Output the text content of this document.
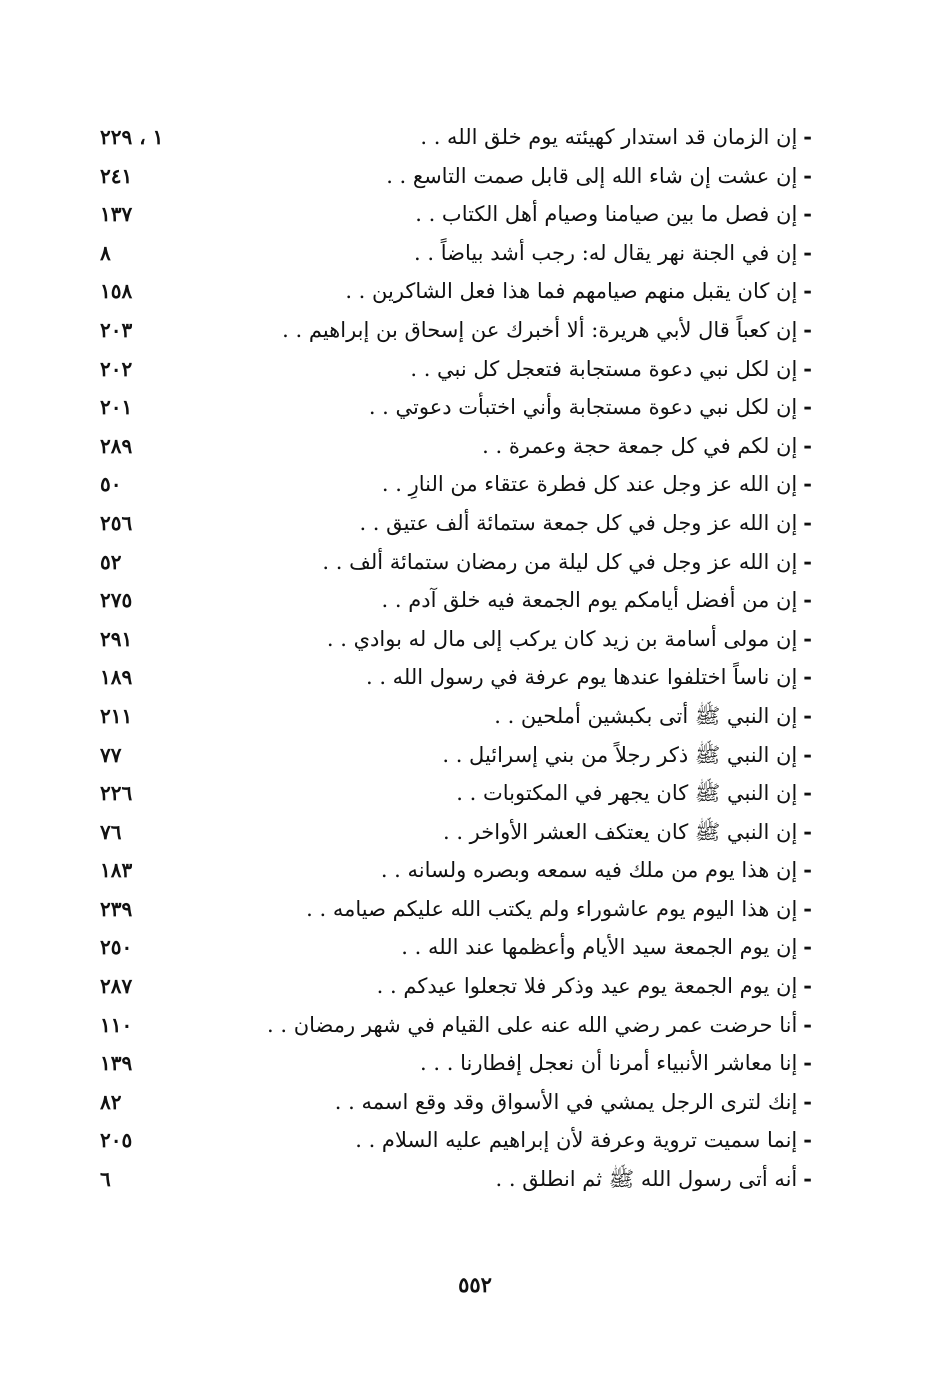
-إن الزمان قد استدار كهيئته يوم خلق الله . .
١ ، ٢٢٩
-إن عشت إن شاء الله إلى قابل صمت التاسع . .
٢٤١
-إن فصل ما بين صيامنا وصيام أهل الكتاب . .
١٣٧
-إن في الجنة نهر يقال له: رجب أشد بياضاً . .
٨
-إن كان يقبل منهم صيامهم فما هذا فعل الشاكرين . .
١٥٨
-إن كعباً قال لأبي هريرة: ألا أخبرك عن إسحاق بن إبراهيم . .
٢٠٣
-إن لكل نبي دعوة مستجابة فتعجل كل نبي . .
٢٠٢
-إن لكل نبي دعوة مستجابة وأني اختبأت دعوتي . .
٢٠١
-إن لكم في كل جمعة حجة وعمرة . .
٢٨٩
-إن الله عز وجل عند كل فطرة عتقاء من النارِ . .
٥٠
-إن الله عز وجل في كل جمعة ستمائة ألف عتيق . .
٢٥٦
-إن الله عز وجل في كل ليلة من رمضان ستمائة ألف . .
٥٢
-إن من أفضل أيامكم يوم الجمعة فيه خلق آدم . .
٢٧٥
-إن مولى أسامة بن زيد كان يركب إلى مال له بوادي . .
٢٩١
-إن ناساً اختلفوا عندها يوم عرفة في رسول الله . .
١٨٩
-إن النبي ﷺ أتى بكبشين أملحين . .
٢١١
-إن النبي ﷺ ذكر رجلاً من بني إسرائيل . .
٧٧
-إن النبي ﷺ كان يجهر في المكتوبات . .
٢٢٦
-إن النبي ﷺ كان يعتكف العشر الأواخر . .
٧٦
-إن هذا يوم من ملك فيه سمعه وبصره ولسانه . .
١٨٣
-إن هذا اليوم يوم عاشوراء ولم يكتب الله عليكم صيامه . .
٢٣٩
-إن يوم الجمعة سيد الأيام وأعظمها عند الله . .
٢٥٠
-إن يوم الجمعة يوم عيد وذكر فلا تجعلوا عيدكم . .
٢٨٧
-أنا حرضت عمر رضي الله عنه على القيام في شهر رمضان . .
١١٠
-إنا معاشر الأنبياء أمرنا أن نعجل إفطارنا . . .
١٣٩
-إنك لترى الرجل يمشي في الأسواق وقد وقع اسمه . .
٨٢
-إنما سميت تروية وعرفة لأن إبراهيم عليه السلام . .
٢٠٥
-أنه أتى رسول الله ﷺ ثم انطلق . .
٦
٥٥٢
